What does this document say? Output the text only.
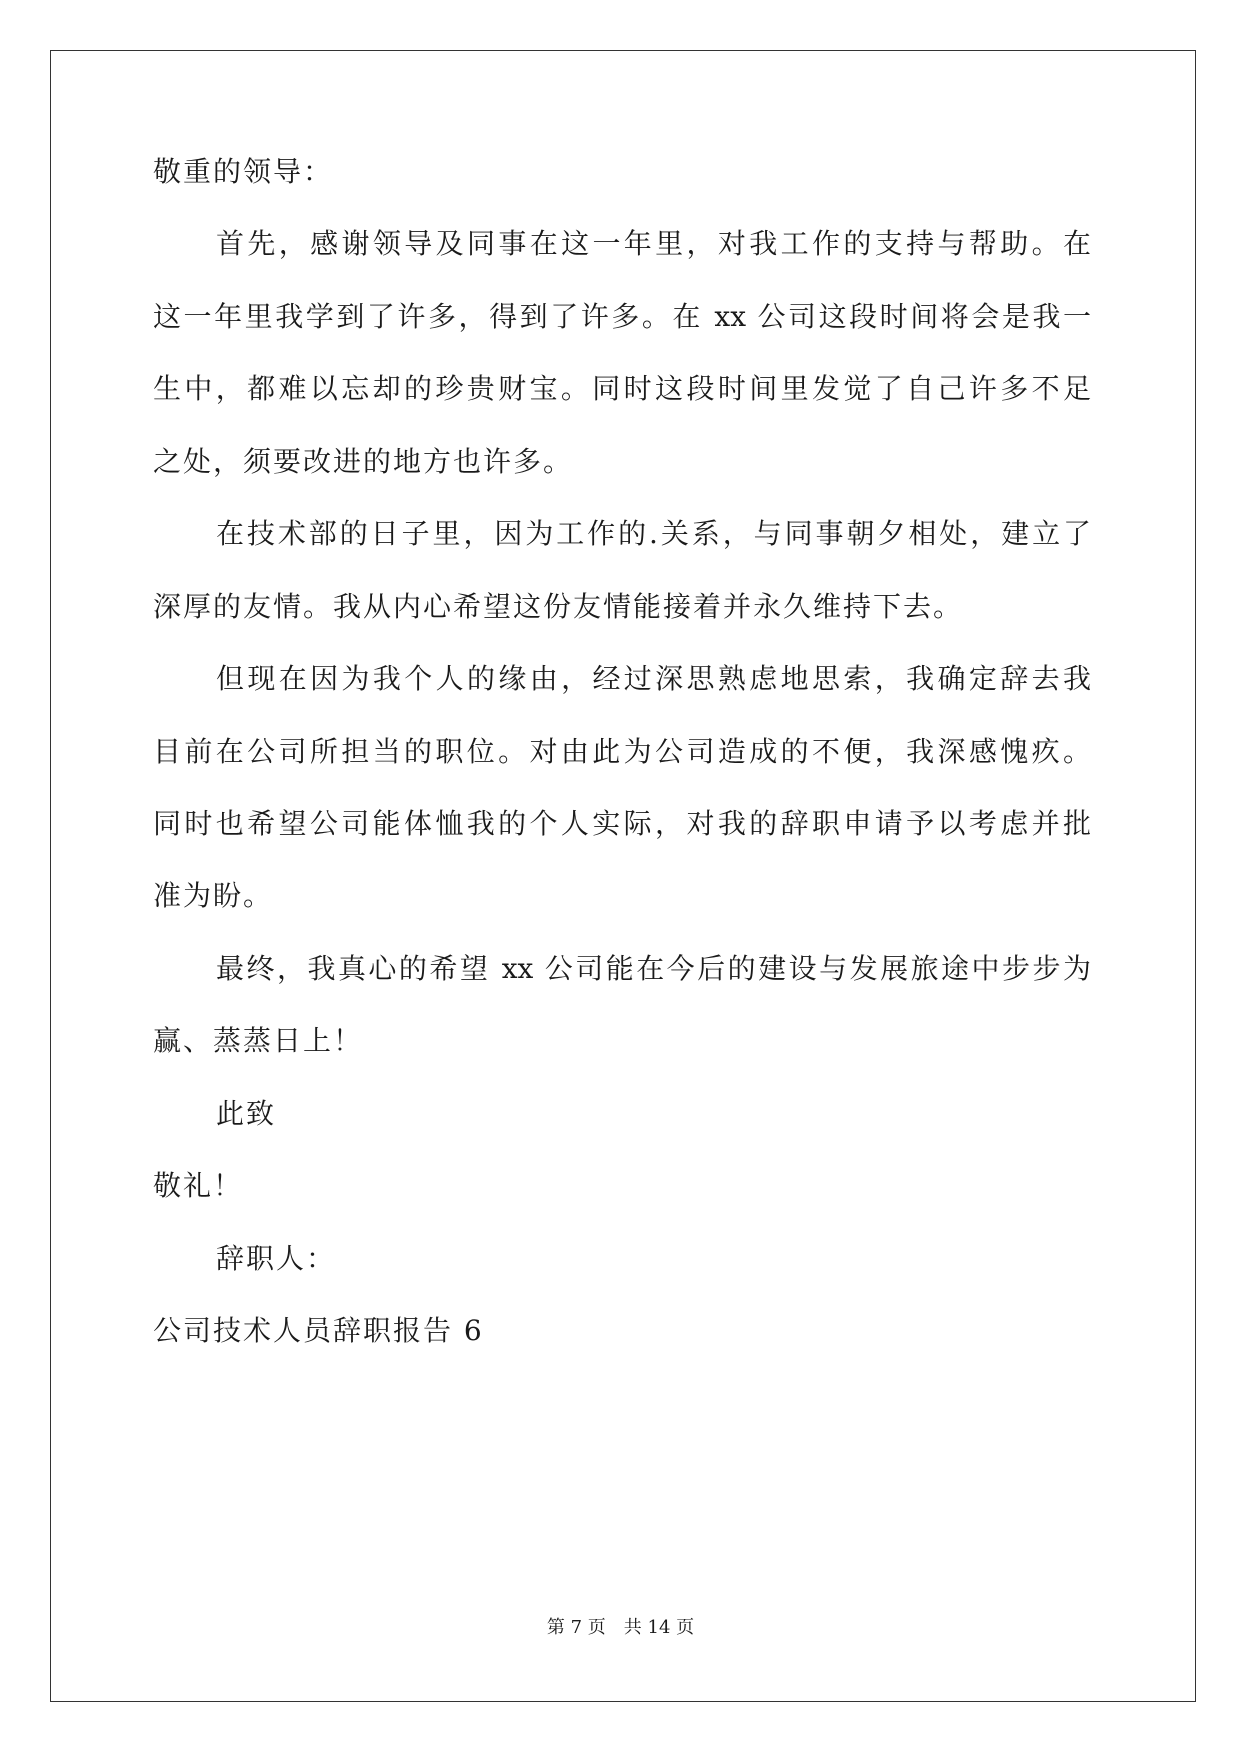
敬重的领导：
首先，感谢领导及同事在这一年里，对我工作的支持与帮助。在
这一年里我学到了许多，得到了许多。在 xx 公司这段时间将会是我一
生中，都难以忘却的珍贵财宝。同时这段时间里发觉了自己许多不足
之处，须要改进的地方也许多。
在技术部的日子里，因为工作的.关系，与同事朝夕相处，建立了
深厚的友情。我从内心希望这份友情能接着并永久维持下去。
但现在因为我个人的缘由，经过深思熟虑地思索，我确定辞去我
目前在公司所担当的职位。对由此为公司造成的不便，我深感愧疚。
同时也希望公司能体恤我的个人实际，对我的辞职申请予以考虑并批
准为盼。
最终，我真心的希望 xx 公司能在今后的建设与发展旅途中步步为
赢、蒸蒸日上！
此致
敬礼！
辞职人：
公司技术人员辞职报告 6
第 7 页 共 14 页
